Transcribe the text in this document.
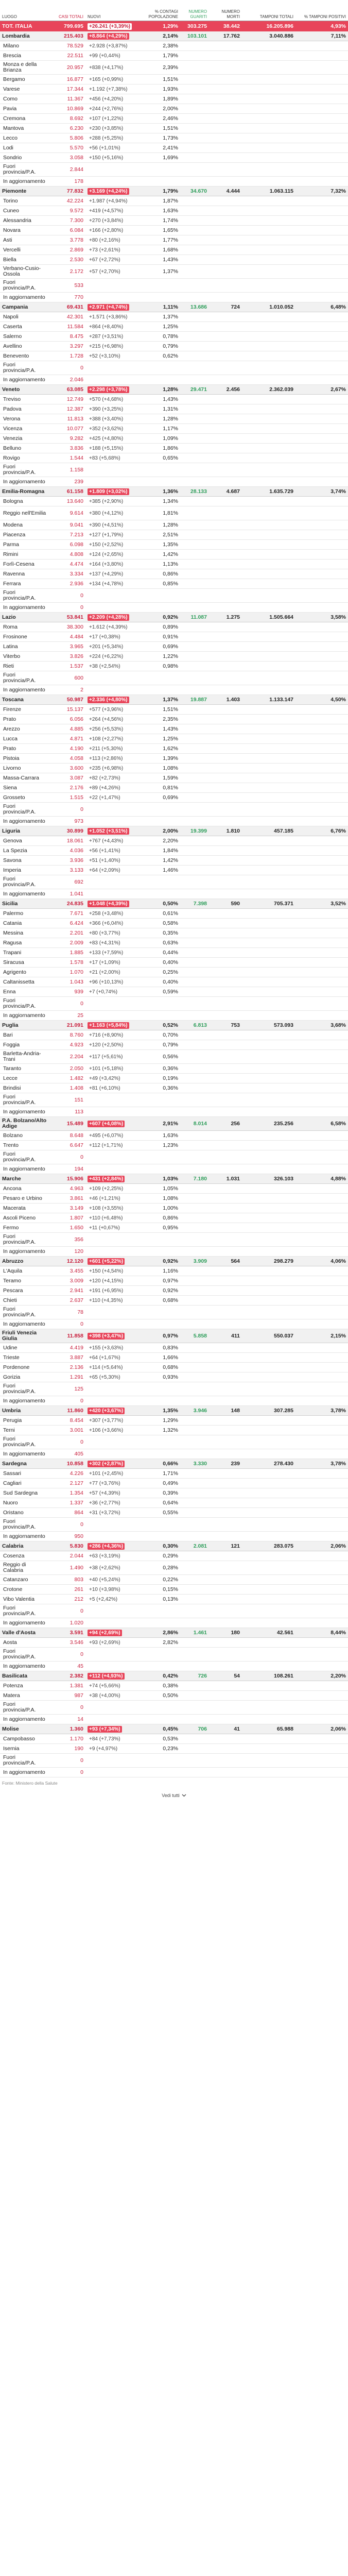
LUOGO	CASI TOTALI	NUOVI
% CONTAGI POPOLAZIONE
NUMERO GUARITI
NUMERO MORTI	TAMPONI TOTALI	% TAMPONI POSITIVI
TOT. ITALIA	799.695	+26.241 (+3,39%)	1,29%	303.275	38.442	16.205.896	4,93%
Lombardia	215.403	+8.864 (+4,29%)	2,14%	103.101	17.762	3.040.886	7,11%
Milano	78.529	+2.928 (+3,87%)	2,38%
Brescia	22.511	+99 (+0,44%)	1,79%
Monza e della Brianza	20.957	+838 (+4,17%)	2,39%
Bergamo	16.877	+165 (+0,99%)	1,51%
Varese	17.344	+1.192 (+7,38%)	1,93%
Como	11.367	+456 (+4,20%)	1,89%
Pavia	10.869	+244 (+2,76%)	2,00%
Cremona	8.692	+107 (+1,22%)	2,46%
Mantova	6.230	+230 (+3,85%)	1,51%
Lecco	5.806	+288 (+5,25%)	1,73%
Lodi	5.570	+56 (+1,01%)	2,41%
Sondrio	3.058	+150 (+5,16%)	1,69%
Fuori provincia/P.A.	2.844
In aggiornamento	178
Piemonte	77.832	+3.169 (+4,24%)	1,79%	34.670	4.444	1.063.115	7,32%
Torino	42.224	+1.987 (+4,94%)	1,87%
Cuneo	9.572	+419 (+4,57%)	1,63%
Alessandria	7.300	+270 (+3,84%)	1,74%
Novara	6.084	+166 (+2,80%)	1,65%
Asti	3.778	+80 (+2,16%)	1,77%
Vercelli	2.869	+73 (+2,61%)	1,68%
Biella	2.530	+67 (+2,72%)	1,43%
Verbano-Cusio-Ossola	2.172	+57 (+2,70%)	1,37%
Fuori provincia/P.A.	533
In aggiornamento	770
Campania	69.431	+2.971 (+4,74%)	1,11%	13.686	724	1.010.052	6,48%
Napoli	42.301	+1.571 (+3,86%)	1,37%
Caserta	11.584	+864 (+8,40%)	1,25%
Salerno	8.475	+287 (+3,51%)	0,78%
Avellino	3.297	+215 (+6,98%)	0,79%
Benevento	1.728	+52 (+3,10%)	0,62%
Fuori provincia/P.A.	0
In aggiornamento	2.046
Veneto	63.085	+2.298 (+3,78%)	1,28%	29.471	2.456	2.362.039	2,67%
Treviso	12.749	+570 (+4,68%)	1,43%
Padova	12.387	+390 (+3,25%)	1,31%
Verona	11.813	+388 (+3,40%)	1,28%
Vicenza	10.077	+352 (+3,62%)	1,17%
Venezia	9.282	+425 (+4,80%)	1,09%
Belluno	3.836	+188 (+5,15%)	1,86%
Rovigo	1.544	+83 (+5,68%)	0,65%
Fuori provincia/P.A.	1.158
In aggiornamento	239
Emilia-Romagna	61.158	+1.809 (+3,02%)	1,36%	28.133	4.687	1.635.729	3,74%
Bologna	13.640	+385 (+2,90%)	1,34%
Reggio nell'Emilia	9.614	+380 (+4,12%)	1,81%
Modena	9.041	+390 (+4,51%)	1,28%
Piacenza	7.213	+127 (+1,79%)	2,51%
Parma	6.098	+150 (+2,52%)	1,35%
Rimini	4.808	+124 (+2,65%)	1,42%
Forlì-Cesena	4.474	+164 (+3,80%)	1,13%
Ravenna	3.334	+137 (+4,29%)	0,86%
Ferrara	2.936	+134 (+4,78%)	0,85%
Fuori provincia/P.A.	0
In aggiornamento	0
Lazio	53.841	+2.209 (+4,28%)	0,92%	11.087	1.275	1.505.664	3,58%
Roma	38.300	+1.612 (+4,39%)	0,89%
Frosinone	4.484	+17 (+0,38%)	0,91%
Latina	3.965	+201 (+5,34%)	0,69%
Viterbo	3.826	+224 (+6,22%)	1,22%
Rieti	1.537	+38 (+2,54%)	0,98%
Fuori provincia/P.A.	600
In aggiornamento	2
Toscana	50.987	+2.336 (+4,80%)	1,37%	19.887	1.403	1.133.147	4,50%
Firenze	15.137	+577 (+3,96%)	1,51%
Prato	6.056	+264 (+4,56%)	2,35%
Arezzo	4.885	+256 (+5,53%)	1,43%
Lucca	4.871	+108 (+2,27%)	1,25%
Prato	4.190	+211 (+5,30%)	1,62%
Pistoia	4.058	+113 (+2,86%)	1,39%
Livorno	3.600	+235 (+6,98%)	1,08%
Massa-Carrara	3.087	+82 (+2,73%)	1,59%
Siena	2.176	+89 (+4,26%)	0,81%
Grosseto	1.515	+22 (+1,47%)	0,69%
Fuori provincia/P.A.	0
In aggiornamento	973
Liguria	30.899	+1.052 (+3,51%)	2,00%	19.399	1.810	457.185	6,76%
Genova	18.061	+767 (+4,43%)	2,20%
La Spezia	4.036	+56 (+1,41%)	1,84%
Savona	3.936	+51 (+1,40%)	1,42%
Imperia	3.133	+64 (+2,09%)	1,46%
Fuori provincia/P.A.	692
In aggiornamento	1.041
Sicilia	24.835	+1.048 (+4,39%)	0,50%	7.398	590	705.371	3,52%
Palermo	7.671	+258 (+3,48%)	0,61%
Catania	6.424	+366 (+6,04%)	0,58%
Messina	2.201	+80 (+3,77%)	0,35%
Ragusa	2.009	+83 (+4,31%)	0,63%
Trapani	1.885	+133 (+7,59%)	0,44%
Siracusa	1.578	+17 (+1,09%)	0,40%
Agrigento	1.070	+21 (+2,00%)	0,25%
Caltanissetta	1.043	+96 (+10,13%)	0,40%
Enna	939	+7 (+0,74%)	0,59%
Fuori provincia/P.A.	0
In aggiornamento	25
Puglia	21.091	+1.163 (+5,84%)	0,52%	6.813	753	573.093	3,68%
Bari	8.760	+716 (+8,90%)	0,70%
Foggia	4.923	+120 (+2,50%)	0,79%
Barletta-Andria-Trani	2.204	+117 (+5,61%)	0,56%
Taranto	2.050	+101 (+5,18%)	0,36%
Lecce	1.482	+49 (+3,42%)	0,19%
Brindisi	1.408	+81 (+6,10%)	0,36%
Fuori provincia/P.A.	151
In aggiornamento	113
P.A. Bolzano/Alto Adige	15.489	+607 (+4,08%)	2,91%	8.014	256	235.256	6,58%
Bolzano	8.648	+495 (+6,07%)	1,63%
Trento	6.647	+112 (+1,71%)	1,23%
Fuori provincia/P.A.	0
In aggiornamento	194
Marche	15.906	+431 (+2,84%)	1,03%	7.180	1.031	326.103	4,88%
Ancona	4.963	+109 (+2,25%)	1,05%
Pesaro e Urbino	3.861	+46 (+1,21%)	1,08%
Macerata	3.149	+108 (+3,55%)	1,00%
Ascoli Piceno	1.807	+110 (+6,48%)	0,86%
Fermo	1.650	+11 (+0,67%)	0,95%
Fuori provincia/P.A.	356
In aggiornamento	120
Abruzzo	12.120	+601 (+5,22%)	0,92%	3.909	564	298.279	4,06%
L'Aquila	3.455	+150 (+4,54%)	1,16%
Teramo	3.009	+120 (+4,15%)	0,97%
Pescara	2.941	+191 (+6,95%)	0,92%
Chieti	2.637	+110 (+4,35%)	0,68%
Fuori provincia/P.A.	78
In aggiornamento	0
Friuli Venezia Giulia	11.858	+398 (+3,47%)	0,97%	5.858	411	550.037	2,15%
Udine	4.419	+155 (+3,63%)	0,83%
Trieste	3.887	+64 (+1,67%)	1,66%
Pordenone	2.136	+114 (+5,64%)	0,68%
Gorizia	1.291	+65 (+5,30%)	0,93%
Fuori provincia/P.A.	125
In aggiornamento	0
Umbria	11.860	+420 (+3,67%)	1,35%	3.946	148	307.285	3,78%
Perugia	8.454	+307 (+3,77%)	1,29%
Terni	3.001	+106 (+3,66%)	1,32%
Fuori provincia/P.A.	0
In aggiornamento	405
Sardegna	10.858	+302 (+2,87%)	0,66%	3.330	239	278.430	3,78%
Sassari	4.226	+101 (+2,45%)	1,71%
Cagliari	2.127	+77 (+3,76%)	0,49%
Sud Sardegna	1.354	+57 (+4,39%)	0,39%
Nuoro	1.337	+36 (+2,77%)	0,64%
Oristano	864	+31 (+3,72%)	0,55%
Fuori provincia/P.A.	0
In aggiornamento	950
Calabria	5.830	+286 (+4,36%)	0,30%	2.081	121	283.075	2,06%
Cosenza	2.044	+63 (+3,19%)	0,29%
Reggio di Calabria	1.490	+38 (+2,62%)	0,28%
Catanzaro	803	+40 (+5,24%)	0,22%
Crotone	261	+10 (+3,98%)	0,15%
Vibo Valentia	212	+5 (+2,42%)	0,13%
Fuori provincia/P.A.	0
In aggiornamento	1.020
Valle d'Aosta	3.591	+94 (+2,69%)	2,86%	1.461	180	42.561	8,44%
Aosta	3.546	+93 (+2,69%)	2,82%
Fuori provincia/P.A.	0
In aggiornamento	45
Basilicata	2.382	+112 (+4,93%)	0,42%	726	54	108.261	2,20%
Potenza	1.381	+74 (+5,66%)	0,38%
Matera	987	+38 (+4,00%)	0,50%
Fuori provincia/P.A.	0
In aggiornamento	14
Molise	1.360	+93 (+7,34%)	0,45%	706	41	65.988	2,06%
Campobasso	1.170	+84 (+7,73%)	0,53%
Isernia	190	+9 (+4,97%)	0,23%
Fuori provincia/P.A.	0
In aggiornamento	0
Fonte: Ministero della Salute
Vedi tutti
